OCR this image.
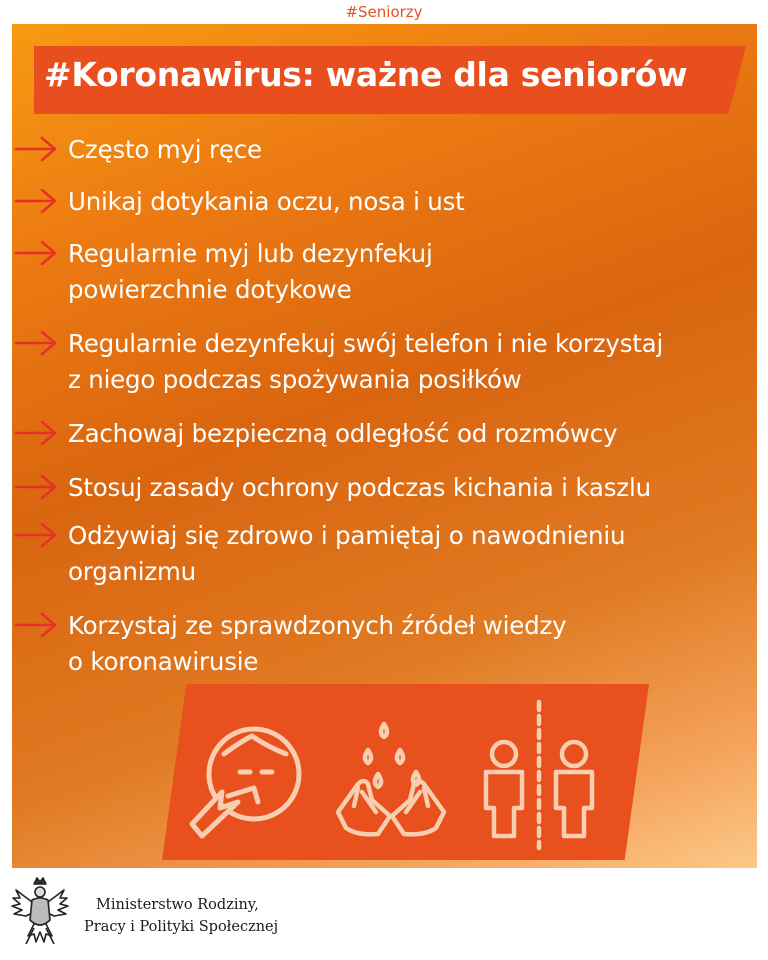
#Seniorzy
#Koronawirus: ważne dla seniorów
Często myj ręce
Unikaj dotykania oczu, nosa i ust
Regularnie myj lub dezynfekuj
powierzchnie dotykowe
Regularnie dezynfekuj swój telefon i nie korzystaj
z niego podczas spożywania posiłków
Zachowaj bezpieczną odległość od rozmówcy
Stosuj zasady ochrony podczas kichania i kaszlu
Odżywiaj się zdrowo i pamiętaj o nawodnieniu
organizmu
Korzystaj ze sprawdzonych źródeł wiedzy
o koronawirusie
Ministerstwo Rodziny,
Pracy i Polityki Społecznej
